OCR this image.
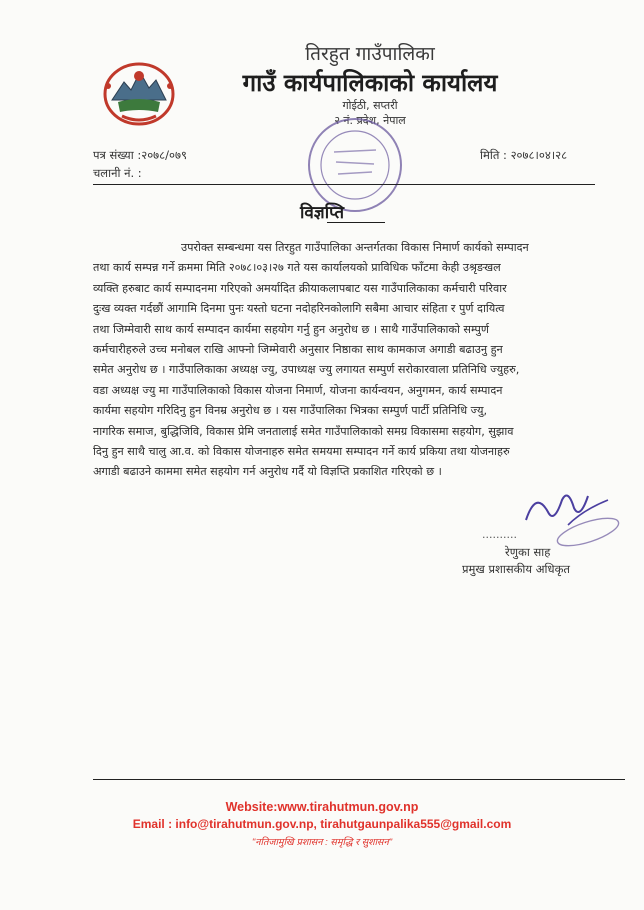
तिरहुत गाउँपालिका
गाउँ कार्यपालिकाको कार्यालय
गोईठी, सप्तरी
२ नं. प्रदेश, नेपाल
पत्र संख्या :२०७८/०७९
चलानी नं. :
मिति : २०७८।०४।२८
विज्ञप्ति
उपरोक्त सम्बन्धमा यस तिरहुत गाउँपालिका अन्तर्गतका विकास निमार्ण कार्यको सम्पादन
तथा कार्य सम्पन्न गर्ने क्रममा मिति २०७८।०३।२७ गते यस कार्यालयको प्राविधिक फाँटमा केही उश्रृङखल
व्यक्ति हरुबाट कार्य सम्पादनमा गरिएको अमर्यादित क्रीयाकलापबाट यस गाउँपालिकाका कर्मचारी परिवार
दुःख व्यक्त गर्दछौं आगामि दिनमा पुनः यस्तो घटना नदोहरिनकोलागि सबैमा आचार संहिता र पुर्ण दायित्व
तथा जिम्मेवारी साथ कार्य सम्पादन कार्यमा सहयोग गर्नु हुन अनुरोध छ । साथै गाउँपालिकाको सम्पुर्ण
कर्मचारीहरुले उच्च मनोबल राखि आफ्नो जिम्मेवारी अनुसार निष्ठाका साथ कामकाज अगाडी बढाउनु हुन
समेत अनुरोध छ । गाउँपालिकाका अध्यक्ष ज्यु, उपाध्यक्ष ज्यु लगायत सम्पुर्ण सरोकारवाला प्रतिनिधि ज्युहरु,
वडा अध्यक्ष ज्यु मा गाउँपालिकाको विकास योजना निमार्ण, योजना कार्यन्वयन, अनुगमन, कार्य सम्पादन
कार्यमा सहयोग गरिदिनु हुन विनम्र अनुरोध छ । यस गाउँपालिका भित्रका सम्पुर्ण पार्टी प्रतिनिधि ज्यु,
नागरिक समाज, बुद्धिजिवि, विकास प्रेमि जनतालाई समेत गाउँपालिकाको समग्र विकासमा सहयोग, सुझाव
दिनु हुन साथै चालु आ.व. को विकास योजनाहरु समेत समयमा सम्पादन गर्ने कार्य प्रकिया तथा योजनाहरु
अगाडी बढाउने काममा समेत सहयोग गर्न अनुरोध गर्दै यो विज्ञप्ति प्रकाशित गरिएको छ ।
..........
रेणुका साह
प्रमुख प्रशासकीय अधिकृत
Website:www.tirahutmun.gov.np
Email : info@tirahutmun.gov.np, tirahutgaunpalika555@gmail.com
"नतिजामुखि प्रशासन : समृद्धि र सुशासन"
